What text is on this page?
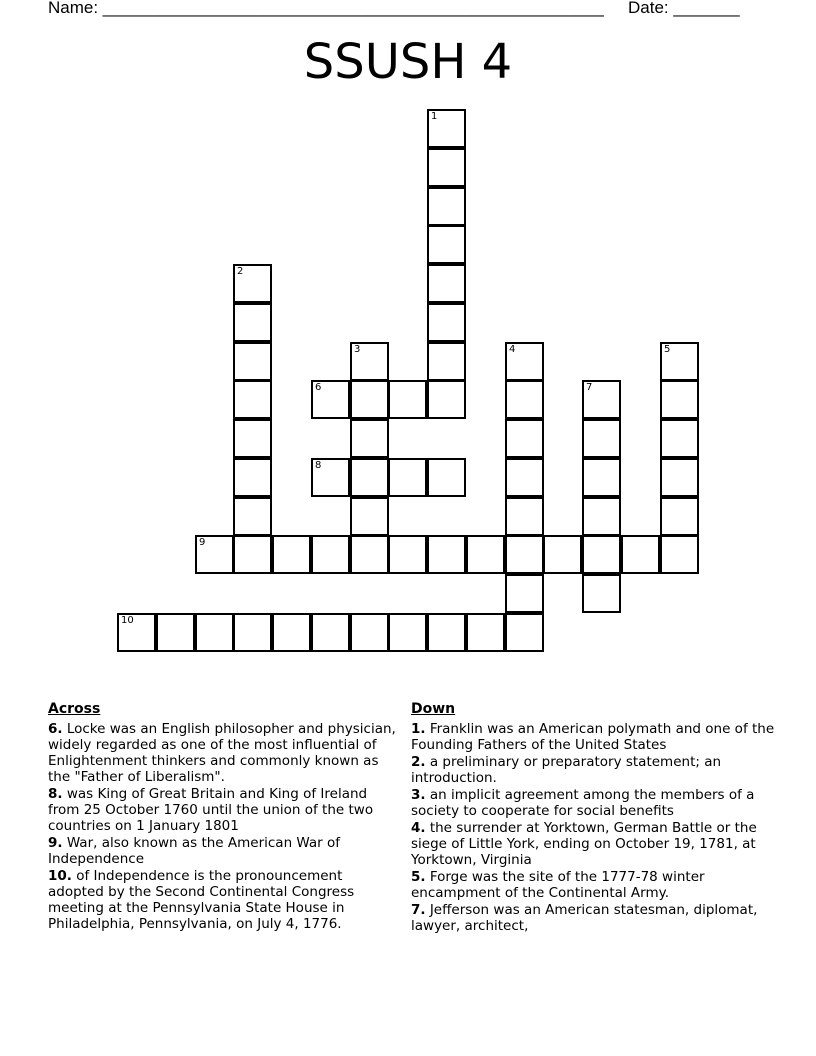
Name: _____________________________________________________ Date: _______
SSUSH 4
1
2
3	4	5
6	7
8
9
10
Across
6. Locke was an English philosopher and physician, widely regarded as one of the most influential of Enlightenment thinkers and commonly known as the "Father of Liberalism".
8. was King of Great Britain and King of Ireland from 25 October 1760 until the union of the two countries on 1 January 1801
9. War, also known as the American War of Independence
10. of Independence is the pronouncement adopted by the Second Continental Congress meeting at the Pennsylvania State House in Philadelphia, Pennsylvania, on July 4, 1776.
Down
1. Franklin was an American polymath and one of the Founding Fathers of the United States
2. a preliminary or preparatory statement; an introduction.
3. an implicit agreement among the members of a society to cooperate for social benefits
4. the surrender at Yorktown, German Battle or the siege of Little York, ending on October 19, 1781, at Yorktown, Virginia
5. Forge was the site of the 1777-78 winter encampment of the Continental Army.
7. Jefferson was an American statesman, diplomat, lawyer, architect,
